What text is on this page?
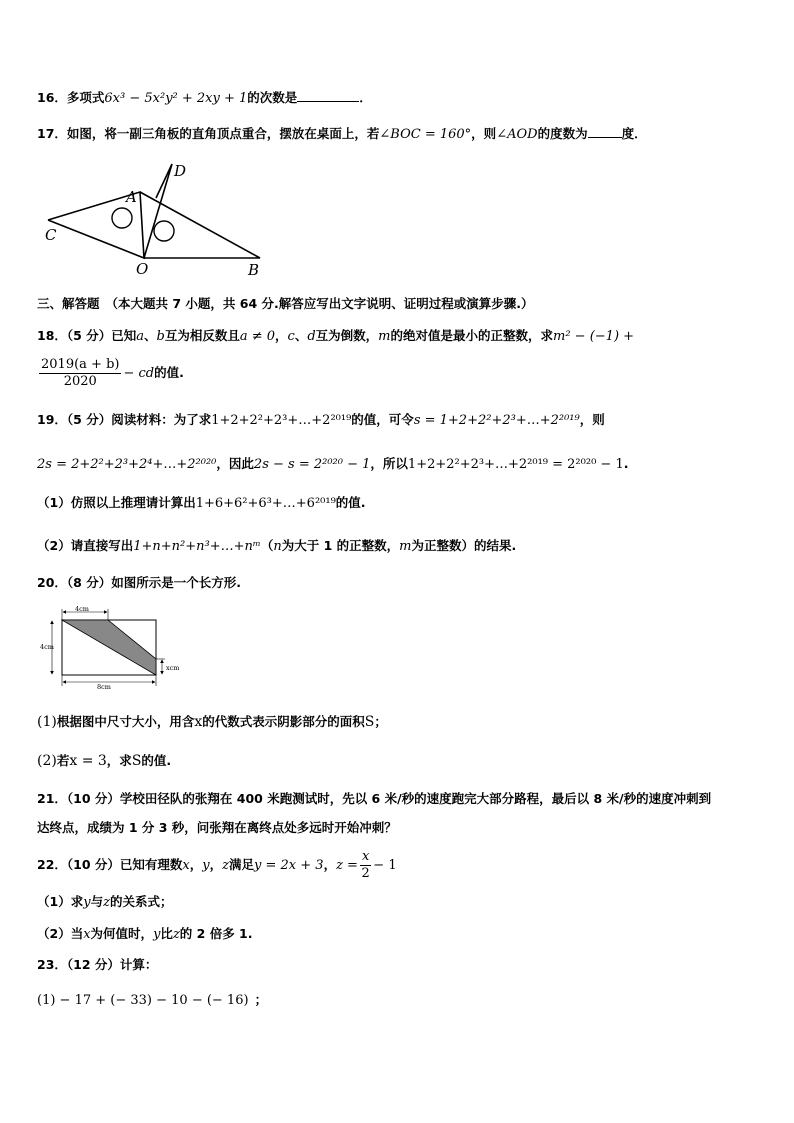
16．多项式6x³ − 5x²y² + 2xy + 1的次数是	．
17．如图，将一副三角板的直角顶点重合，摆放在桌面上，若∠BOC = 160°，则∠AOD的度数为	度．
D
A
C
O	B
三、解答题 （本大题共 7 小题，共 64 分.解答应写出文字说明、证明过程或演算步骤.）
18．（5 分）已知a、b互为相反数且a ≠ 0，c、d互为倒数，m的绝对值是最小的正整数，求m² − (−1) +
$\frac{2019(a + b)}{2020}$ − cd的值.
19．（5 分）阅读材料：为了求1+2+2²+2³+…+2²⁰¹⁹的值，可令s = 1+2+2²+2³+…+2²⁰¹⁹，则
2s = 2+2²+2³+2⁴+…+2²⁰²⁰，因此2s − s = 2²⁰²⁰ − 1，所以1+2+2²+2³+…+2²⁰¹⁹ = 2²⁰²⁰ − 1.
（1）仿照以上推理请计算出1+6+6²+6³+…+6²⁰¹⁹的值.
（2）请直接写出1+n+n²+n³+…+nᵐ（n为大于 1 的正整数，m为正整数）的结果.
20．（8 分）如图所示是一个长方形.
4cm
4cm
xcm
8cm
(1)根据图中尺寸大小，用含x的代数式表示阴影部分的面积S；
(2)若x = 3，求S的值.
21．（10 分）学校田径队的张翔在 400 米跑测试时，先以 6 米/秒的速度跑完大部分路程，最后以 8 米/秒的速度冲刺到
达终点，成绩为 1 分 3 秒，问张翔在离终点处多远时开始冲刺？
22．（10 分）已知有理数x，y，z满足y = 2x + 3，$z = \frac{x}{2} - 1$
（1）求y与z的关系式；
（2）当x为何值时，y比z的 2 倍多 1.
23．（12 分）计算：
(1) − 17 + (− 33) − 10 − (− 16) ；
